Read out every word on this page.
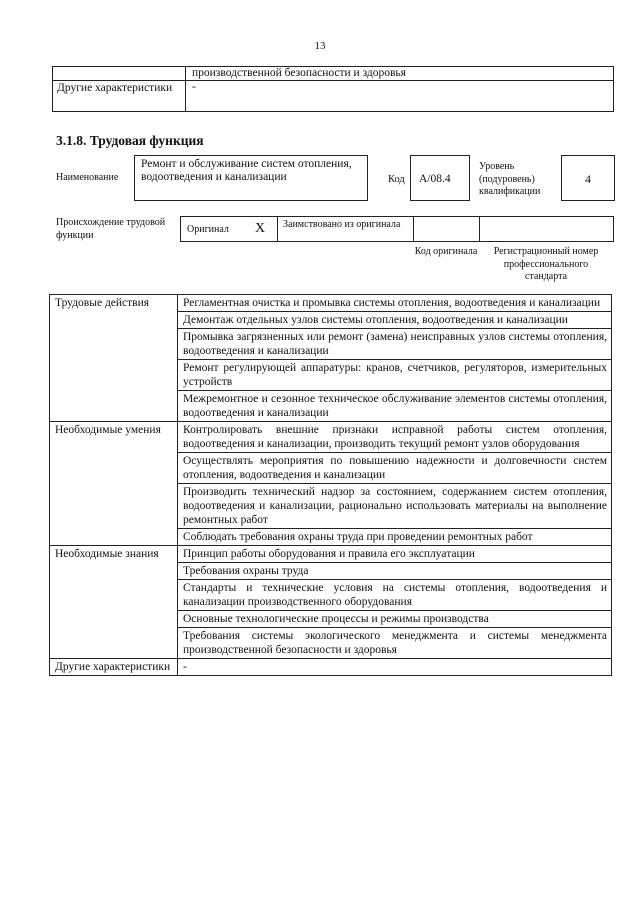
13
производственной безопасности и здоровья
Другие характеристики	-
3.1.8. Трудовая функция
Наименование
Ремонт и обслуживание систем отопления, водоотведения и канализации	Код	A/08.4
Уровень (подуровень) квалификации
4
Происхождение трудовой функции	Оригинал X Заимствовано из оригинала
Код оригинала	Регистрационный номер профессионального стандарта
Трудовые действия	Регламентная очистка и промывка системы отопления, водоотведения и канализации
	Демонтаж отдельных узлов системы отопления, водоотведения и канализации
	Промывка загрязненных или ремонт (замена) неисправных узлов системы отопления, водоотведения и канализации
	Ремонт регулирующей аппаратуры: кранов, счетчиков, регуляторов, измерительных устройств
	Межремонтное и сезонное техническое обслуживание элементов системы отопления, водоотведения и канализации
Необходимые умения	Контролировать внешние признаки исправной работы систем отопления, водоотведения и канализации, производить текущий ремонт узлов оборудования
	Осуществлять мероприятия по повышению надежности и долговечности систем отопления, водоотведения и канализации
	Производить технический надзор за состоянием, содержанием систем отопления, водоотведения и канализации, рационально использовать материалы на выполнение ремонтных работ
	Соблюдать требования охраны труда при проведении ремонтных работ
Необходимые знания	Принцип работы оборудования и правила его эксплуатации
	Требования охраны труда
	Стандарты и технические условия на системы отопления, водоотведения и канализации производственного оборудования
	Основные технологические процессы и режимы производства
	Требования системы экологического менеджмента и системы менеджмента производственной безопасности и здоровья
Другие характеристики	-
